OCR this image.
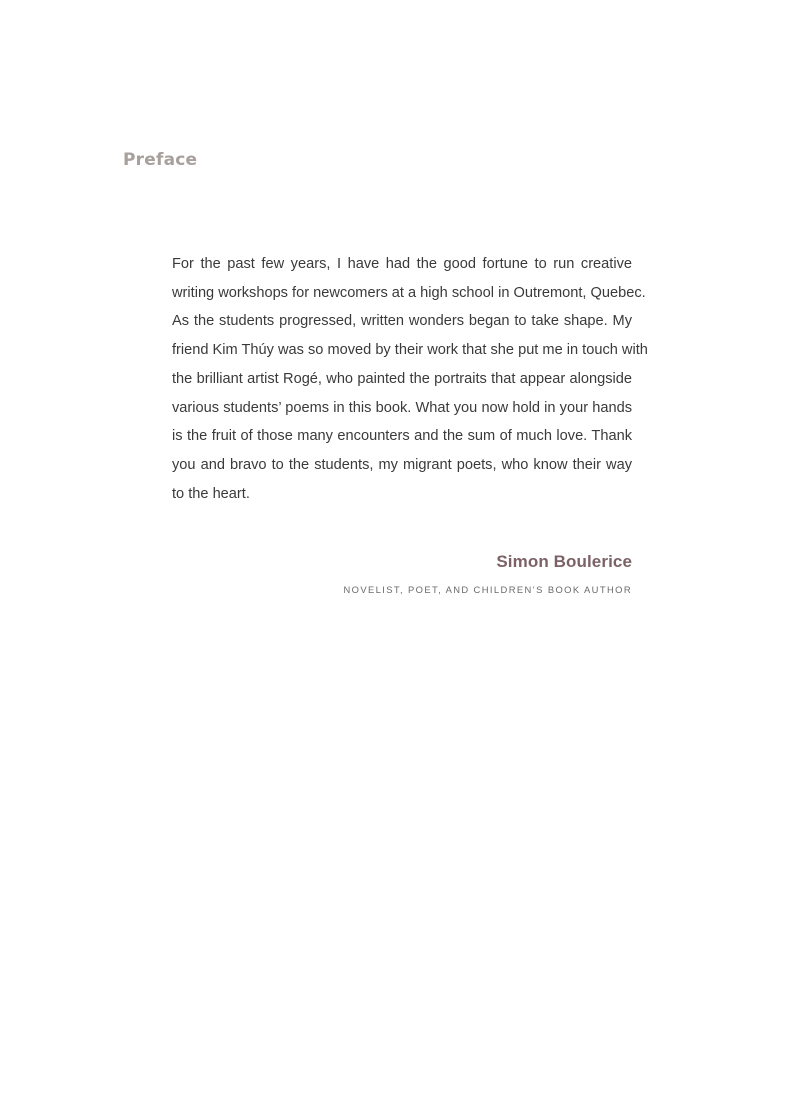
Preface

For the past few years, I have had the good fortune to run creative
writing workshops for newcomers at a high school in Outremont, Quebec.
As the students progressed, written wonders began to take shape. My
friend Kim Thúy was so moved by their work that she put me in touch with
the brilliant artist Rogé, who painted the portraits that appear alongside
various students’ poems in this book. What you now hold in your hands
is the fruit of those many encounters and the sum of much love. Thank
you and bravo to the students, my migrant poets, who know their way
to the heart.

Simon Boulerice
NOVELIST, POET, AND CHILDREN’S BOOK AUTHOR
